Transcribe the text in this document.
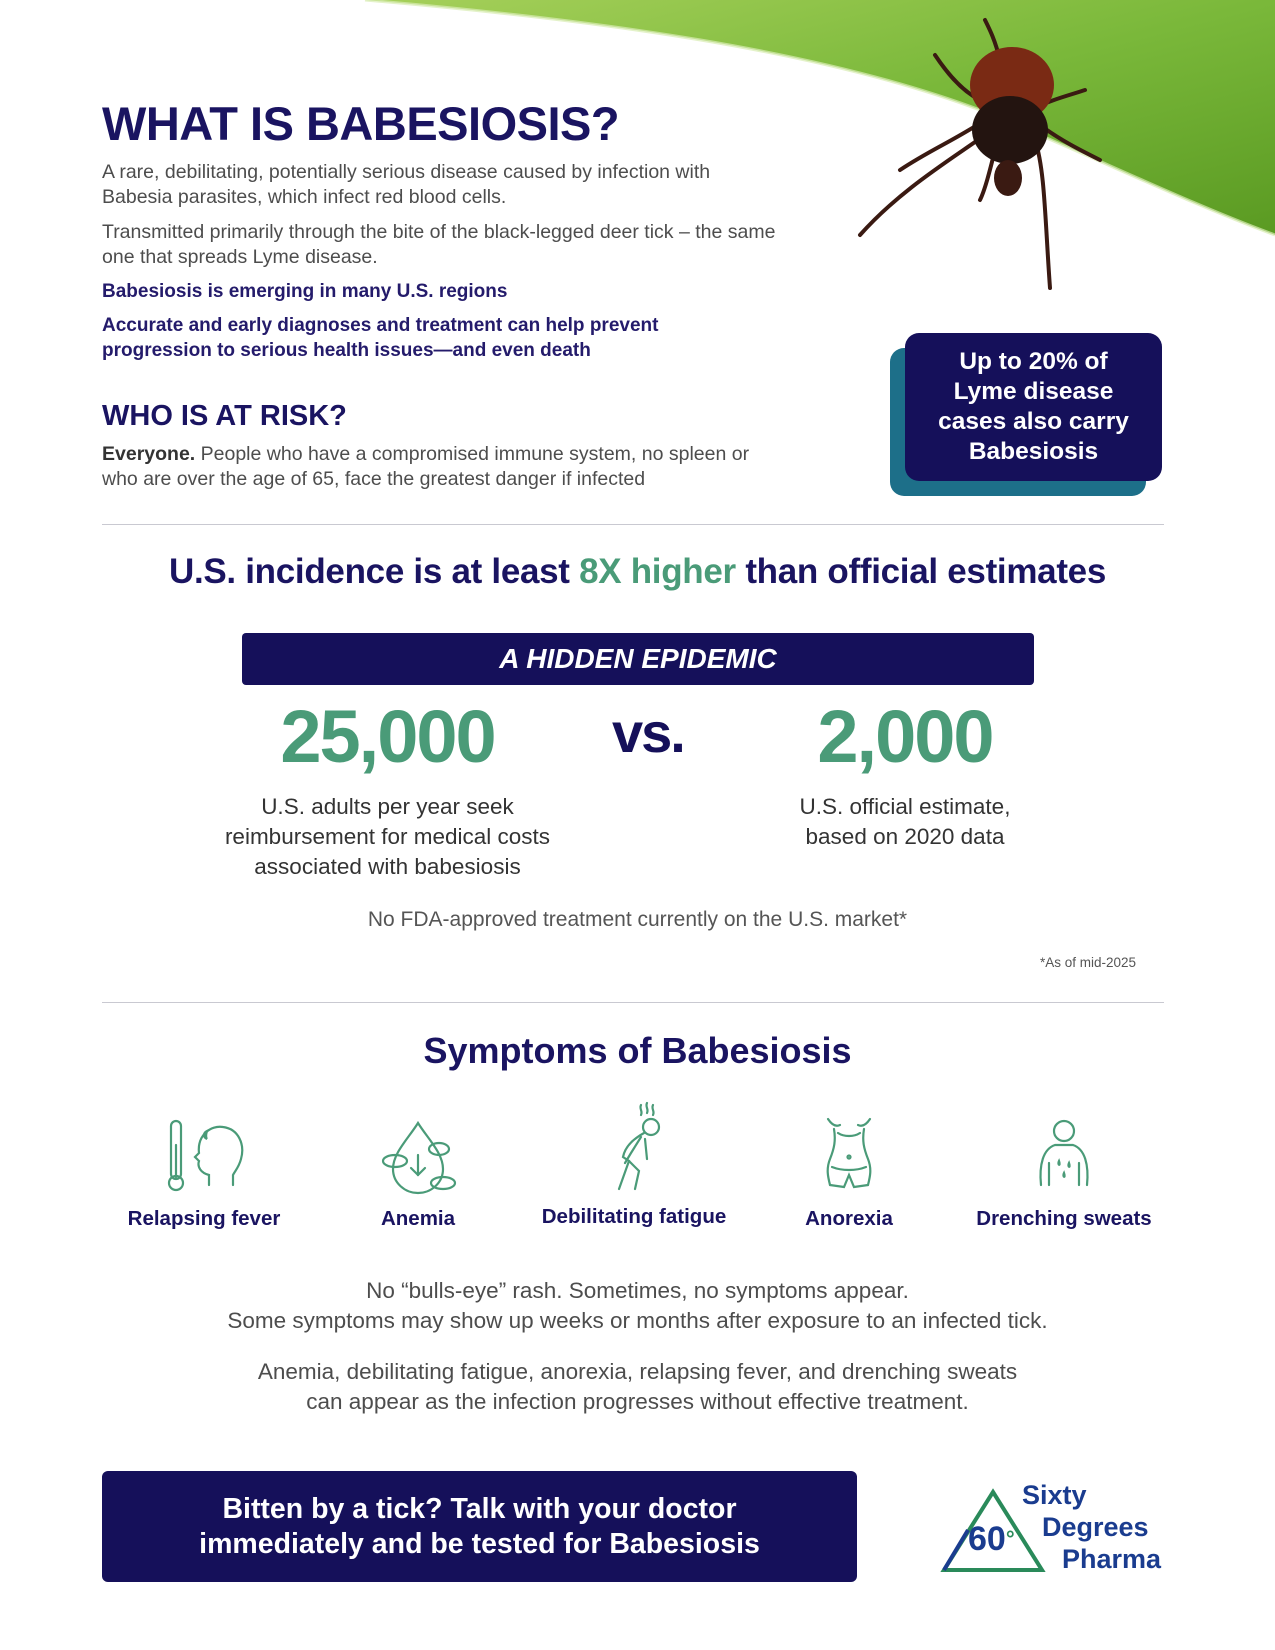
WHAT IS BABESIOSIS?

A rare, debilitating, potentially serious disease caused by infection with Babesia parasites, which infect red blood cells.

Transmitted primarily through the bite of the black-legged deer tick – the same one that spreads Lyme disease.

Babesiosis is emerging in many U.S. regions

Accurate and early diagnoses and treatment can help prevent progression to serious health issues—and even death

WHO IS AT RISK?

Everyone. People who have a compromised immune system, no spleen or who are over the age of 65, face the greatest danger if infected

Up to 20% of Lyme disease cases also carry Babesiosis

U.S. incidence is at least 8X higher than official estimates

A HIDDEN EPIDEMIC
25,000	vs.	2,000

U.S. adults per year seek

reimbursement for medical costs

associated with babesiosis

U.S. official estimate,

based on 2020 data

No FDA-approved treatment currently on the U.S. market*

*As of mid-2025

Symptoms of Babesiosis
Relapsing fever	Anemia	Debilitating fatigue	Anorexia	Drenching sweats

No “bulls-eye” rash. Sometimes, no symptoms appear.

Some symptoms may show up weeks or months after exposure to an infected tick.

Anemia, debilitating fatigue, anorexia, relapsing fever, and drenching sweats

can appear as the infection progresses without effective treatment.

Bitten by a tick? Talk with your doctor
immediately and be tested for Babesiosis	60°
Sixty
Degrees
Pharma
